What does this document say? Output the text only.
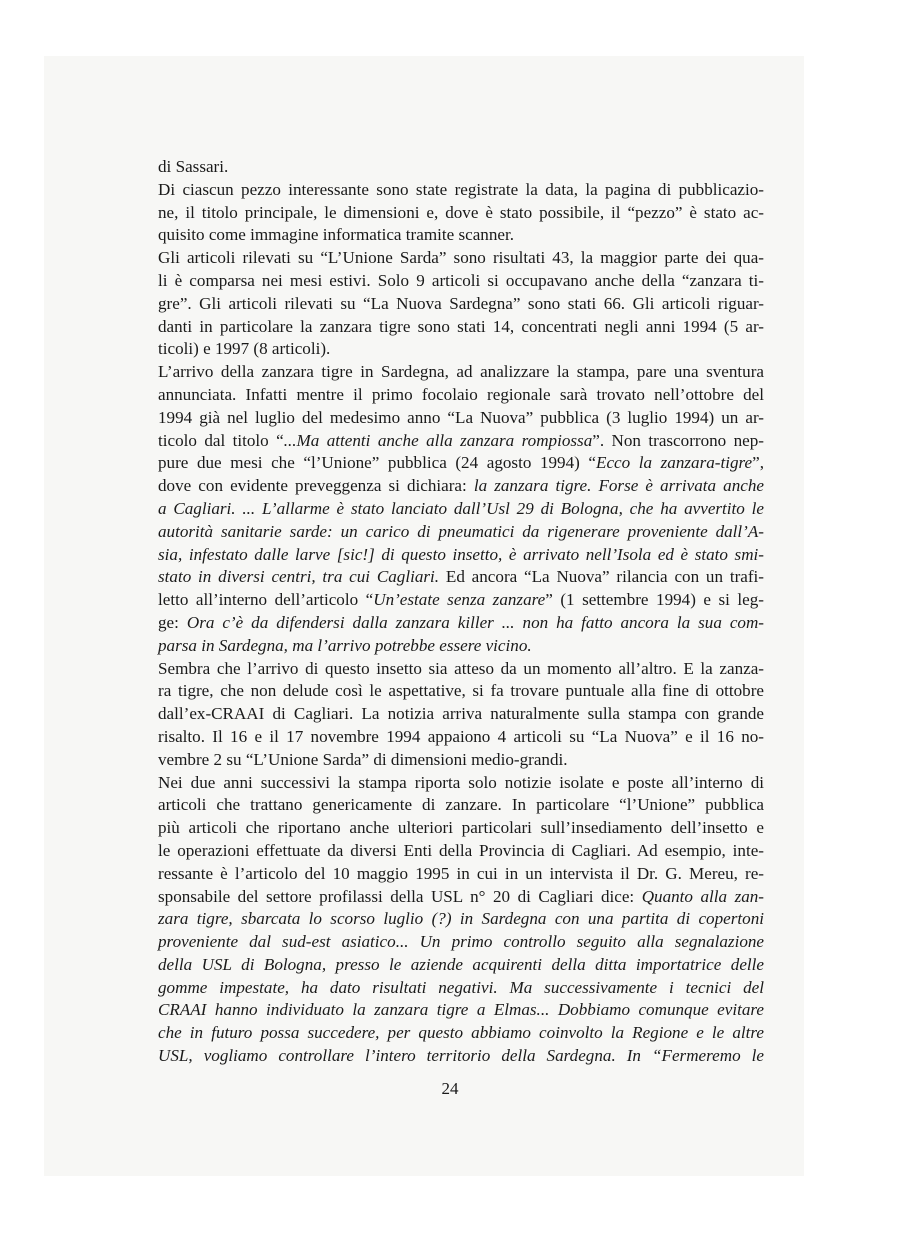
di Sassari.
Di ciascun pezzo interessante sono state registrate la data, la pagina di pubblicazio-
ne, il titolo principale, le dimensioni e, dove è stato possibile, il “pezzo” è stato ac-
quisito come immagine informatica tramite scanner.
Gli articoli rilevati su “L’Unione Sarda” sono risultati 43, la maggior parte dei qua-
li è comparsa nei mesi estivi. Solo 9 articoli si occupavano anche della “zanzara ti-
gre”. Gli articoli rilevati su “La Nuova Sardegna” sono stati 66. Gli articoli riguar-
danti in particolare la zanzara tigre sono stati 14, concentrati negli anni 1994 (5 ar-
ticoli) e 1997 (8 articoli).
L’arrivo della zanzara tigre in Sardegna, ad analizzare la stampa, pare una sventura
annunciata. Infatti mentre il primo focolaio regionale sarà trovato nell’ottobre del
1994 già nel luglio del medesimo anno “La Nuova” pubblica (3 luglio 1994) un ar-
ticolo dal titolo “...Ma attenti anche alla zanzara rompiossa”. Non trascorrono nep-
pure due mesi che “l’Unione” pubblica (24 agosto 1994) “Ecco la zanzara-tigre”,
dove con evidente preveggenza si dichiara: la zanzara tigre. Forse è arrivata anche
a Cagliari. ... L’allarme è stato lanciato dall’Usl 29 di Bologna, che ha avvertito le
autorità sanitarie sarde: un carico di pneumatici da rigenerare proveniente dall’A-
sia, infestato dalle larve [sic!] di questo insetto, è arrivato nell’Isola ed è stato smi-
stato in diversi centri, tra cui Cagliari. Ed ancora “La Nuova” rilancia con un trafi-
letto all’interno dell’articolo “Un’estate senza zanzare” (1 settembre 1994) e si leg-
ge: Ora c’è da difendersi dalla zanzara killer ... non ha fatto ancora la sua com-
parsa in Sardegna, ma l’arrivo potrebbe essere vicino.
Sembra che l’arrivo di questo insetto sia atteso da un momento all’altro. E la zanza-
ra tigre, che non delude così le aspettative, si fa trovare puntuale alla fine di ottobre
dall’ex-CRAAI di Cagliari. La notizia arriva naturalmente sulla stampa con grande
risalto. Il 16 e il 17 novembre 1994 appaiono 4 articoli su “La Nuova” e il 16 no-
vembre 2 su “L’Unione Sarda” di dimensioni medio-grandi.
Nei due anni successivi la stampa riporta solo notizie isolate e poste all’interno di
articoli che trattano genericamente di zanzare. In particolare “l’Unione” pubblica
più articoli che riportano anche ulteriori particolari sull’insediamento dell’insetto e
le operazioni effettuate da diversi Enti della Provincia di Cagliari. Ad esempio, inte-
ressante è l’articolo del 10 maggio 1995 in cui in un intervista il Dr. G. Mereu, re-
sponsabile del settore profilassi della USL n° 20 di Cagliari dice: Quanto alla zan-
zara tigre, sbarcata lo scorso luglio (?) in Sardegna con una partita di copertoni
proveniente dal sud-est asiatico... Un primo controllo seguito alla segnalazione
della USL di Bologna, presso le aziende acquirenti della ditta importatrice delle
gomme impestate, ha dato risultati negativi. Ma successivamente i tecnici del
CRAAI hanno individuato la zanzara tigre a Elmas... Dobbiamo comunque evitare
che in futuro possa succedere, per questo abbiamo coinvolto la Regione e le altre
USL, vogliamo controllare l’intero territorio della Sardegna. In “Fermeremo le
24
